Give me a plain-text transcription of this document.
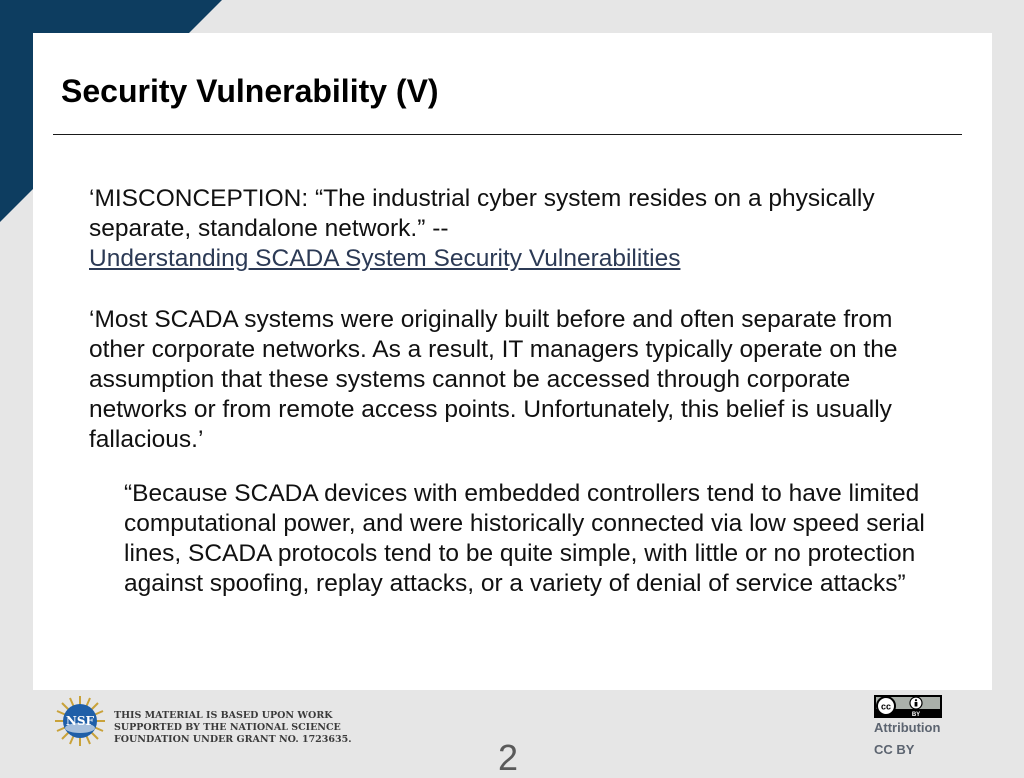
Security Vulnerability (V)
‘MISCONCEPTION: “The industrial cyber system resides on a physically separate, standalone network.” --
Understanding SCADA System Security Vulnerabilities
‘Most SCADA systems were originally built before and often separate from other corporate networks. As a result, IT managers typically operate on the assumption that these systems cannot be accessed through corporate networks or from remote access points. Unfortunately, this belief is usually fallacious.’
“Because SCADA devices with embedded controllers tend to have limited computational power, and were historically connected via low speed serial lines, SCADA protocols tend to be quite simple, with little or no protection against spoofing, replay attacks, or a variety of denial of service attacks”
NSF THIS MATERIAL IS BASED UPON WORK
SUPPORTED BY THE NATIONAL SCIENCE
FOUNDATION UNDER GRANT NO. 1723635.	2
cc
BY
Attribution
CC BY
